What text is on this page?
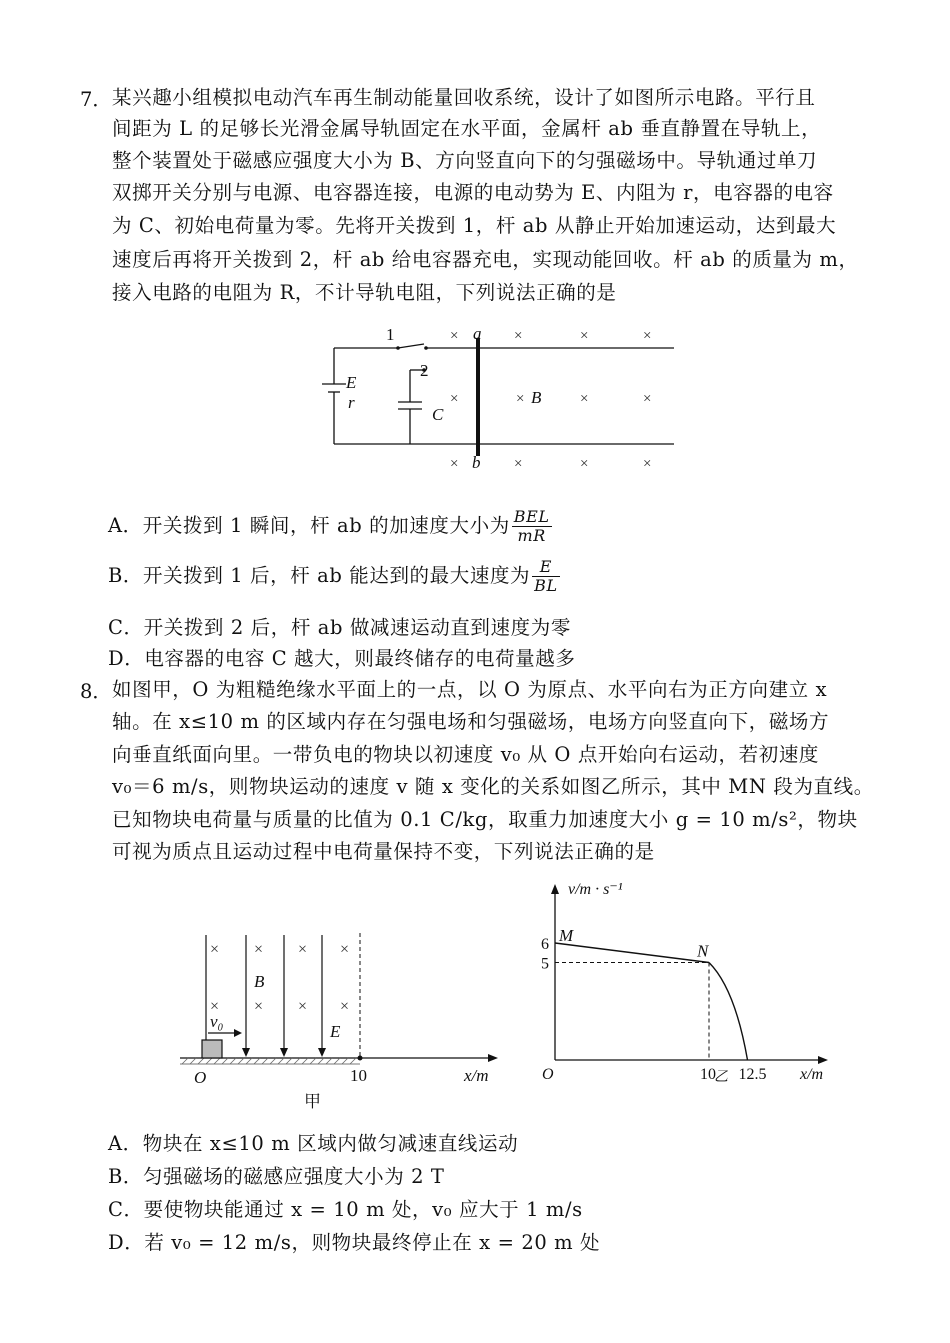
7． 某兴趣小组模拟电动汽车再生制动能量回收系统，设计了如图所示电路。平行且
间距为 L 的足够长光滑金属导轨固定在水平面，金属杆 ab 垂直静置在导轨上，
整个装置处于磁感应强度大小为 B、方向竖直向下的匀强磁场中。导轨通过单刀
双掷开关分别与电源、电容器连接，电源的电动势为 E、内阻为 r，电容器的电容
为 C、初始电荷量为零。先将开关拨到 1，杆 ab 从静止开始加速运动，达到最大
速度后再将开关拨到 2，杆 ab 给电容器充电，实现动能回收。杆 ab 的质量为 m，
接入电路的电阻为 R，不计导轨电阻，下列说法正确的是
1
2
E
r
C
a
b
B
×	×	×	×
×	×	×	×
×	×	×	×
A．开关拨到 1 瞬间，杆 ab 的加速度大小为 $\frac{\text{BEL}}{mR}$
B．开关拨到 1 后，杆 ab 能达到的最大速度为 $\frac{E}{BL}$
C．开关拨到 2 后，杆 ab 做减速运动直到速度为零
D．电容器的电容 C 越大，则最终储存的电荷量越多
8． 如图甲，O 为粗糙绝缘水平面上的一点，以 O 为原点、水平向右为正方向建立 x
轴。在 x≤10 m 的区域内存在匀强电场和匀强磁场，电场方向竖直向下，磁场方
向垂直纸面向里。一带负电的物块以初速度 v₀ 从 O 点开始向右运动，若初速度
v₀＝6 m/s，则物块运动的速度 v 随 x 变化的关系如图乙所示，其中 MN 段为直线。
已知物块电荷量与质量的比值为 0.1 C/kg，取重力加速度大小 g = 10 m/s²，物块
可视为质点且运动过程中电荷量保持不变，下列说法正确的是
× × × ×
× × × ×
B
E
v₀
O	x/m
10
甲
6
5
10 12.5
M
N
v/m · s⁻¹
x/m
O	乙
A．物块在 x≤10 m 区域内做匀减速直线运动
B．匀强磁场的磁感应强度大小为 2 T
C．要使物块能通过 x = 10 m 处，v₀ 应大于 1 m/s
D．若 v₀ = 12 m/s，则物块最终停止在 x = 20 m 处
